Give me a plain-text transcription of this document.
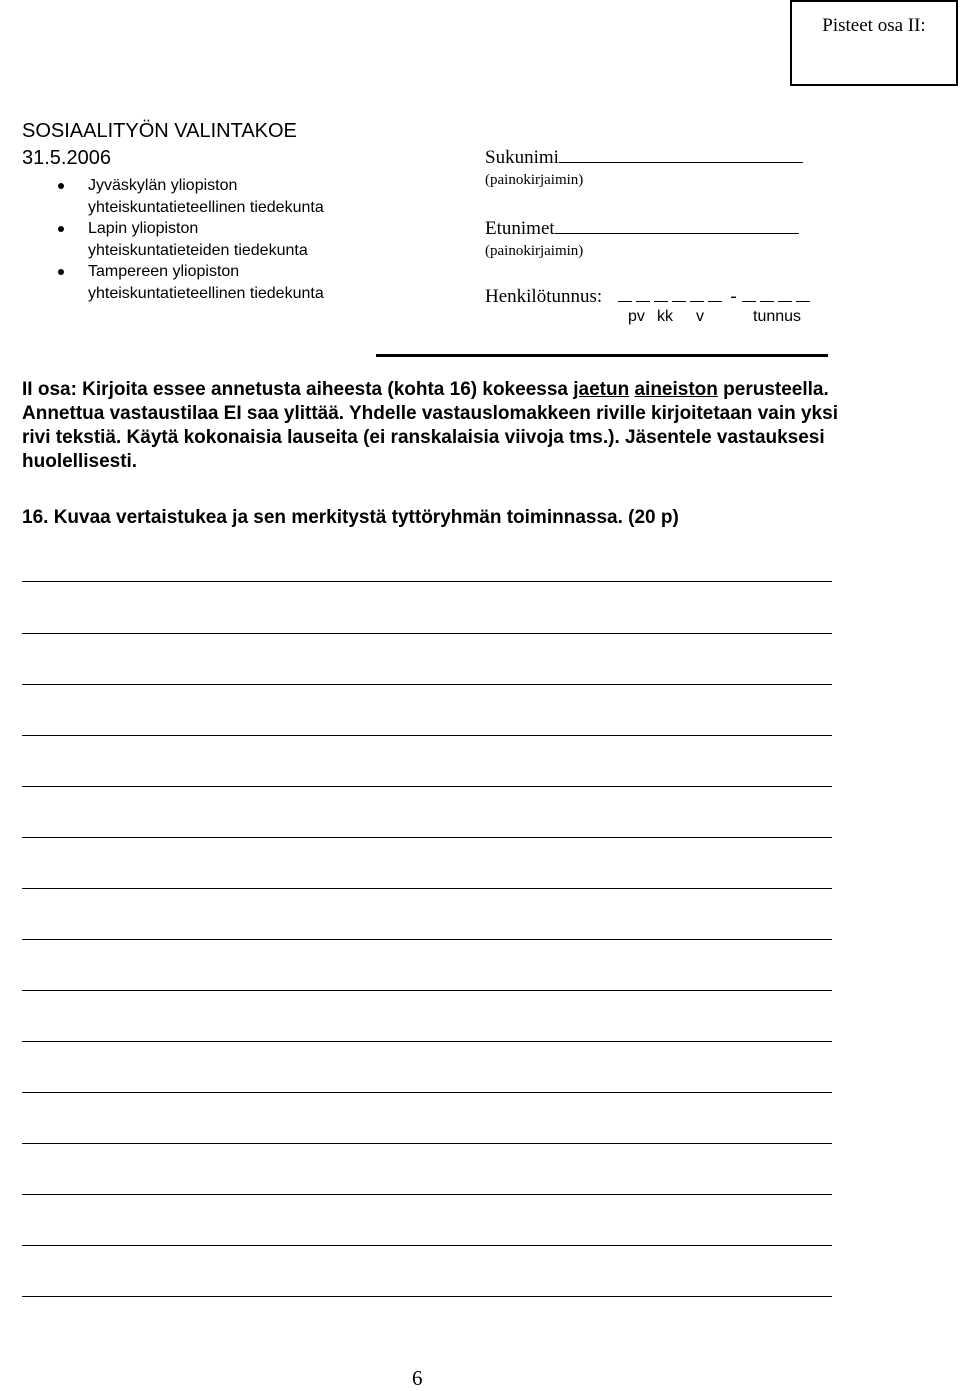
Pisteet osa II:
SOSIAALITYÖN VALINTAKOE
31.5.2006
Jyväskylän yliopiston
yhteiskuntatieteellinen tiedekunta
Lapin yliopiston
yhteiskuntatieteiden tiedekunta
Tampereen yliopiston
yhteiskuntatieteellinen tiedekunta
Sukunimi
(painokirjaimin)
Etunimet
(painokirjaimin)
Henkilötunnus:	-
pv kk v	tunnus
II osa: Kirjoita essee annetusta aiheesta (kohta 16) kokeessa jaetun aineiston perusteella. Annettua vastaustilaa EI saa ylittää. Yhdelle vastauslomakkeen riville kirjoitetaan vain yksi rivi tekstiä. Käytä kokonaisia lauseita (ei ranskalaisia viivoja tms.). Jäsentele vastauksesi huolellisesti.
16. Kuvaa vertaistukea ja sen merkitystä tyttöryhmän toiminnassa. (20 p)
6
